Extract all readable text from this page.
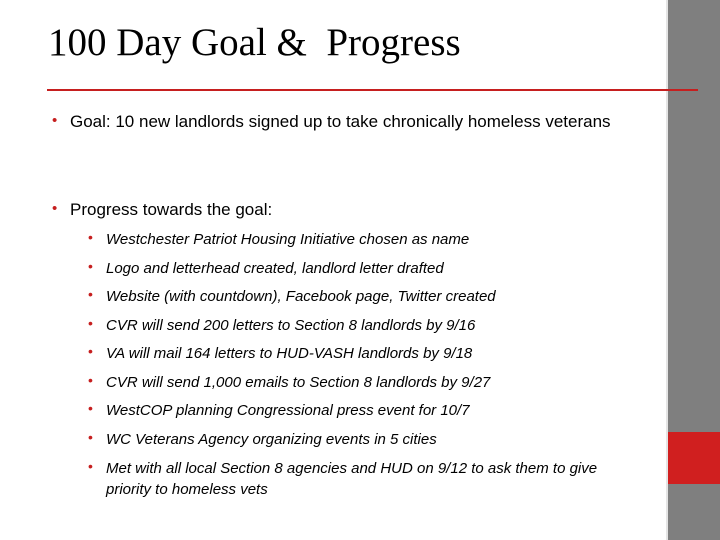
100 Day Goal &  Progress
• Goal: 10 new landlords signed up to take chronically homeless veterans
• Progress towards the goal:
• Westchester Patriot Housing Initiative chosen as name
• Logo and letterhead created, landlord letter drafted
• Website (with countdown), Facebook page, Twitter created
• CVR will send 200 letters to Section 8 landlords by 9/16
• VA will mail 164 letters to HUD-VASH landlords by 9/18
• CVR will send 1,000 emails to Section 8 landlords by 9/27
• WestCOP planning Congressional press event for 10/7
• WC Veterans Agency organizing events in 5 cities
• Met with all local Section 8 agencies and HUD on 9/12 to ask them to give priority to homeless vets
